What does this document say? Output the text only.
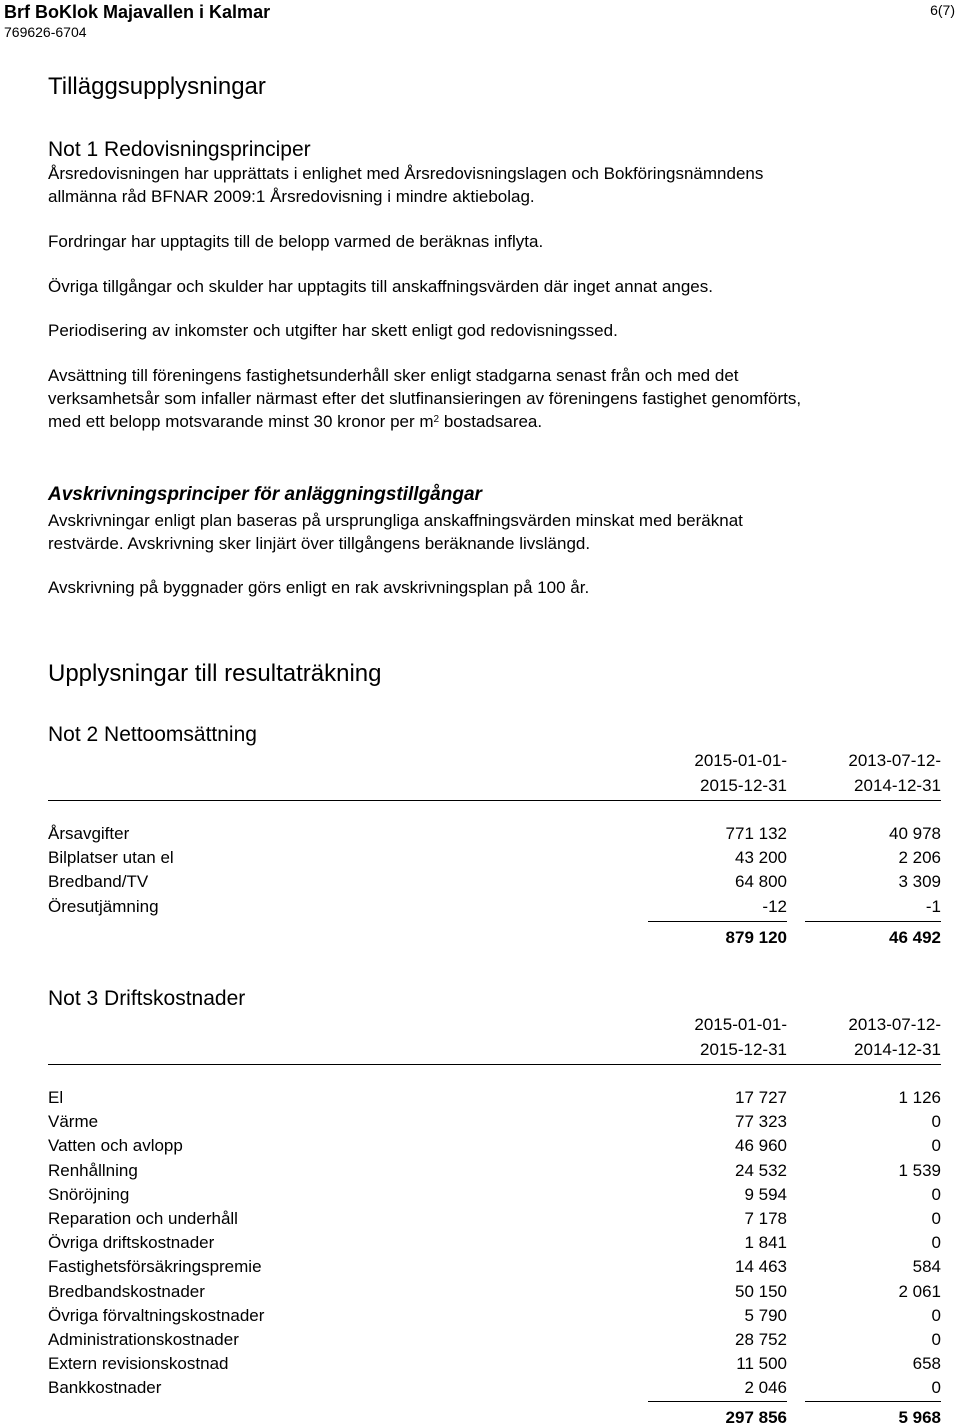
Brf BoKlok Majavallen i Kalmar
769626-6704
6(7)
Tilläggsupplysningar
Not 1 Redovisningsprinciper
Årsredovisningen har upprättats i enlighet med Årsredovisningslagen och Bokföringsnämndens
allmänna råd BFNAR 2009:1 Årsredovisning i mindre aktiebolag.
Fordringar har upptagits till de belopp varmed de beräknas inflyta.
Övriga tillgångar och skulder har upptagits till anskaffningsvärden där inget annat anges.
Periodisering av inkomster och utgifter har skett enligt god redovisningssed.
Avsättning till föreningens fastighetsunderhåll sker enligt stadgarna senast från och med det
verksamhetsår som infaller närmast efter det slutfinansieringen av föreningens fastighet genomförts,
med ett belopp motsvarande minst 30 kronor per $m^2$ bostadsarea.
Avskrivningsprinciper för anläggningstillgångar
Avskrivningar enligt plan baseras på ursprungliga anskaffningsvärden minskat med beräknat
restvärde. Avskrivning sker linjärt över tillgångens beräknande livslängd.
Avskrivning på byggnader görs enligt en rak avskrivningsplan på 100 år.
Upplysningar till resultaträkning
Not 2 Nettoomsättning
2015-01-01-
2015-12-31
2013-07-12-
2014-12-31
Årsavgifter	771 132	40 978
Bilplatser utan el	43 200	2 206
Bredband/TV	64 800	3 309
Öresutjämning	-12	-1
879 120	46 492
Not 3 Driftskostnader
2015-01-01-
2015-12-31
2013-07-12-
2014-12-31
El	17 727	1 126
Värme	77 323	0
Vatten och avlopp	46 960	0
Renhållning	24 532	1 539
Snöröjning	9 594	0
Reparation och underhåll	7 178	0
Övriga driftskostnader	1 841	0
Fastighetsförsäkringspremie	14 463	584
Bredbandskostnader	50 150	2 061
Övriga förvaltningskostnader	5 790	0
Administrationskostnader	28 752	0
Extern revisionskostnad	11 500	658
Bankkostnader	2 046	0
297 856	5 968
